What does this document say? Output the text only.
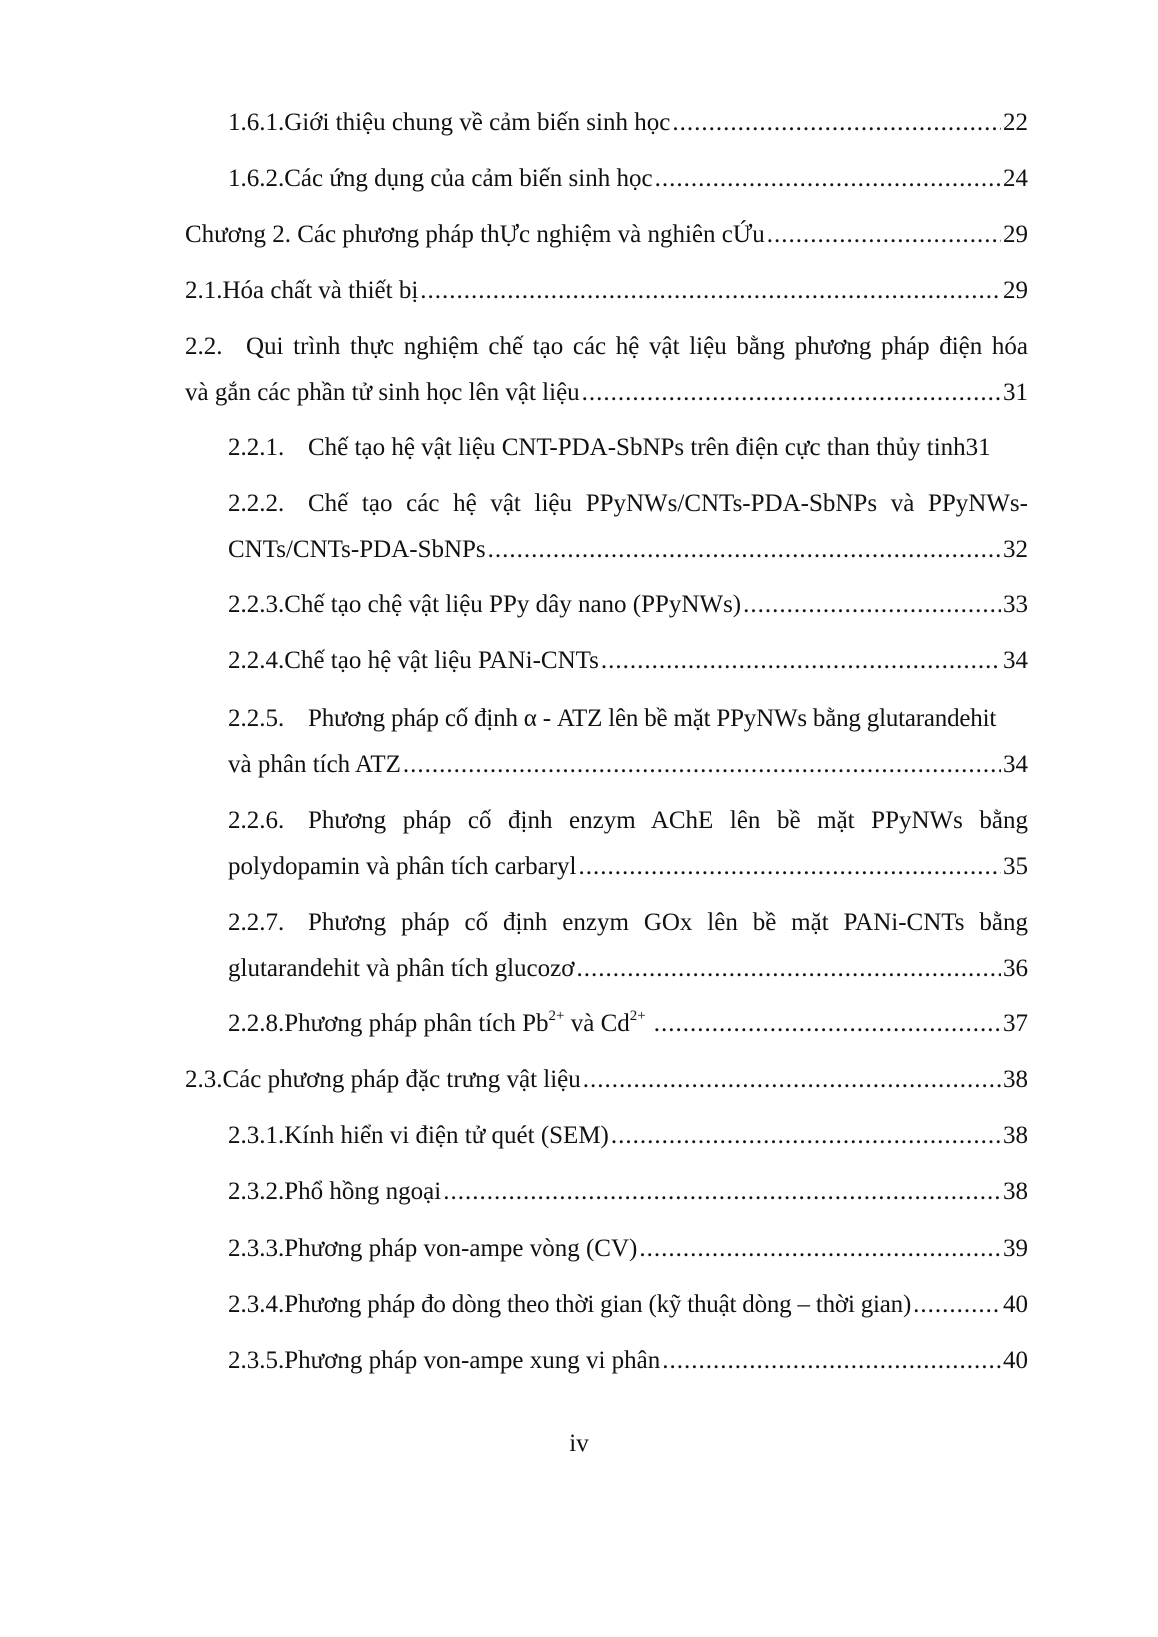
1.6.1. Giới thiệu chung về cảm biến sinh học .....	22
1.6.2. Các ứng dụng của cảm biến sinh học .....	24
Chương 2. Các phương pháp thỰc nghiệm và nghiên cỨu .....	29
2.1. Hóa chất và thiết bị .....	29
2.2. Qui trình thực nghiệm chế tạo các hệ vật liệu bằng phương pháp điện hóa
và gắn các phần tử sinh học lên vật liệu .....	31
2.2.1. Chế tạo hệ vật liệu CNT-PDA-SbNPs trên điện cực than thủy tinh31
2.2.2. Chế tạo các hệ vật liệu PPyNWs/CNTs-PDA-SbNPs và PPyNWs-
CNTs/CNTs-PDA-SbNPs .....	32
2.2.3. Chế tạo chệ vật liệu PPy dây nano (PPyNWs) .....	33
2.2.4. Chế tạo hệ vật liệu PANi-CNTs .....	34
2.2.5. Phương pháp cố định α - ATZ lên bề mặt PPyNWs bằng glutarandehit
và phân tích ATZ .....	34
2.2.6. Phương pháp cố định enzym AChE lên bề mặt PPyNWs bằng
polydopamin và phân tích carbaryl .....	35
2.2.7. Phương pháp cố định enzym GOx lên bề mặt PANi-CNTs bằng
glutarandehit và phân tích glucozơ .....	36
2.2.8. Phương pháp phân tích $Pb^{2+}$ và $Cd^{2+}$ .....	37
2.3. Các phương pháp đặc trưng vật liệu .....	38
2.3.1. Kính hiển vi điện tử quét (SEM) .....	38
2.3.2. Phổ hồng ngoại .....	38
2.3.3. Phương pháp von-ampe vòng (CV) .....	39
2.3.4. Phương pháp đo dòng theo thời gian (kỹ thuật dòng – thời gian) .....	40
2.3.5. Phương pháp von-ampe xung vi phân .....	40
iv
